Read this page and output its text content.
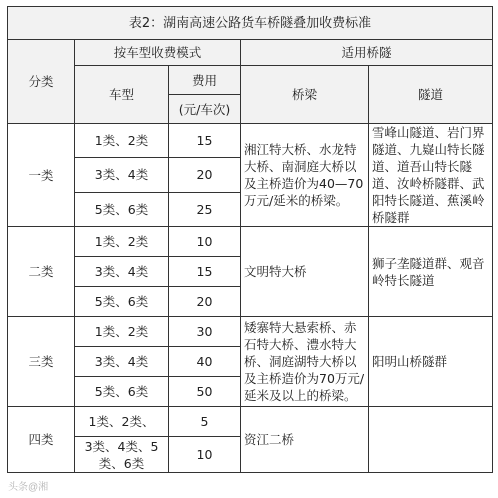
表2：湖南高速公路货车桥隧叠加收费标准				
分类	按车型收费模式		适用桥隧	
	车型	费用	桥梁	隧道
		(元/车次)		
一类	1类、2类	15	湘江特大桥、水龙特大桥、南洞庭大桥以及主桥造价为40—70万元/延米的桥梁。	雪峰山隧道、岩门界隧道、九嶷山特长隧道、道吾山特长隧道、汝岭桥隧群、武阳特长隧道、蕉溪岭桥隧群
	3类、4类	20		
	5类、6类	25		
二类	1类、2类	10	文明特大桥	狮子垄隧道群、观音岭特长隧道
	3类、4类	15		
	5类、6类	20		
三类	1类、2类	30	矮寨特大悬索桥、赤石特大桥、澧水特大桥、洞庭湖特大桥以及主桥造价为70万元/延米及以上的桥梁。	阳明山桥隧群
	3类、4类	40		
	5类、6类	50		
四类	1类、2类、	5	资江二桥	
	3类、4类、5类、6类	10		
头条@湘
